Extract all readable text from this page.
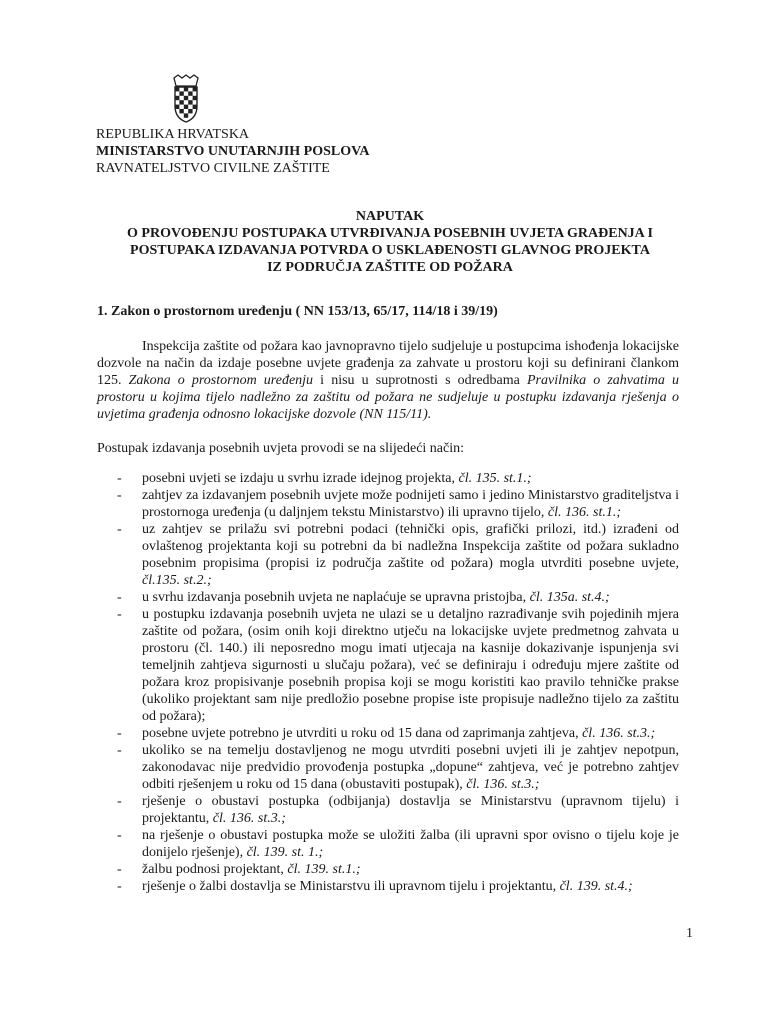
REPUBLIKA HRVATSKA
MINISTARSTVO UNUTARNJIH POSLOVA
RAVNATELJSTVO CIVILNE ZAŠTITE
NAPUTAK
O PROVOĐENJU POSTUPAKA UTVRĐIVANJA POSEBNIH UVJETA GRAĐENJA I
POSTUPAKA IZDAVANJA POTVRDA O USKLAĐENOSTI GLAVNOG PROJEKTA
IZ PODRUČJA ZAŠTITE OD POŽARA
1. Zakon o prostornom uređenju ( NN 153/13, 65/17, 114/18 i 39/19)
Inspekcija zaštite od požara kao javnopravno tijelo sudjeluje u postupcima ishođenja lokacijske dozvole na način da izdaje posebne uvjete građenja za zahvate u prostoru koji su definirani člankom 125. Zakona o prostornom uređenju i nisu u suprotnosti s odredbama Pravilnika o zahvatima u prostoru u kojima tijelo nadležno za zaštitu od požara ne sudjeluje u postupku izdavanja rješenja o uvjetima građenja odnosno lokacijske dozvole (NN 115/11).
Postupak izdavanja posebnih uvjeta provodi se na slijedeći način:
- posebni uvjeti se izdaju u svrhu izrade idejnog projekta, čl. 135. st.1.;
- zahtjev za izdavanjem posebnih uvjete može podnijeti samo i jedino Ministarstvo graditeljstva i prostornoga uređenja (u daljnjem tekstu Ministarstvo) ili upravno tijelo, čl. 136. st.1.;
- uz zahtjev se prilažu svi potrebni podaci (tehnički opis, grafički prilozi, itd.) izrađeni od ovlaštenog projektanta koji su potrebni da bi nadležna Inspekcija zaštite od požara sukladno posebnim propisima (propisi iz područja zaštite od požara) mogla utvrditi posebne uvjete, čl.135. st.2.;
- u svrhu izdavanja posebnih uvjeta ne naplaćuje se upravna pristojba, čl. 135a. st.4.;
- u postupku izdavanja posebnih uvjeta ne ulazi se u detaljno razrađivanje svih pojedinih mjera zaštite od požara, (osim onih koji direktno utječu na lokacijske uvjete predmetnog zahvata u prostoru (čl. 140.) ili neposredno mogu imati utjecaja na kasnije dokazivanje ispunjenja svi temeljnih zahtjeva sigurnosti u slučaju požara), već se definiraju i određuju mjere zaštite od požara kroz propisivanje posebnih propisa koji se mogu koristiti kao pravilo tehničke prakse (ukoliko projektant sam nije predložio posebne propise iste propisuje nadležno tijelo za zaštitu od požara);
- posebne uvjete potrebno je utvrditi u roku od 15 dana od zaprimanja zahtjeva, čl. 136. st.3.;
- ukoliko se na temelju dostavljenog ne mogu utvrditi posebni uvjeti ili je zahtjev nepotpun, zakonodavac nije predvidio provođenja postupka „dopune“ zahtjeva, već je potrebno zahtjev odbiti rješenjem u roku od 15 dana (obustaviti postupak), čl. 136. st.3.;
- rješenje o obustavi postupka (odbijanja) dostavlja se Ministarstvu (upravnom tijelu) i projektantu, čl. 136. st.3.;
- na rješenje o obustavi postupka može se uložiti žalba (ili upravni spor ovisno o tijelu koje je donijelo rješenje), čl. 139. st. 1.;
- žalbu podnosi projektant, čl. 139. st.1.;
- rješenje o žalbi dostavlja se Ministarstvu ili upravnom tijelu i projektantu, čl. 139. st.4.;
1
